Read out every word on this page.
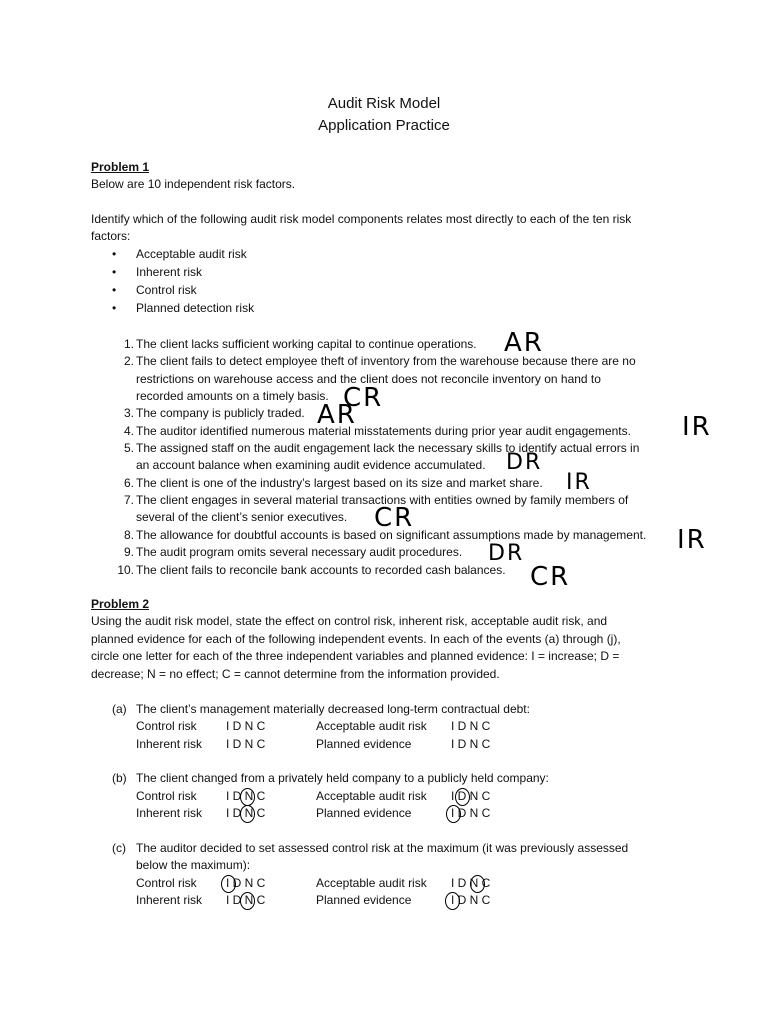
Audit Risk Model
Application Practice
Problem 1
Below are 10 independent risk factors.
Identify which of the following audit risk model components relates most directly to each of the ten risk
factors:
• Acceptable audit risk
• Inherent risk
• Control risk
• Planned detection risk
1. The client lacks sufficient working capital to continue operations.
2. The client fails to detect employee theft of inventory from the warehouse because there are no
restrictions on warehouse access and the client does not reconcile inventory on hand to
recorded amounts on a timely basis.
3. The company is publicly traded.
4. The auditor identified numerous material misstatements during prior year audit engagements.
5. The assigned staff on the audit engagement lack the necessary skills to identify actual errors in
an account balance when examining audit evidence accumulated.
6. The client is one of the industry’s largest based on its size and market share.
7. The client engages in several material transactions with entities owned by family members of
several of the client’s senior executives.
8. The allowance for doubtful accounts is based on significant assumptions made by management.
9. The audit program omits several necessary audit procedures.
10. The client fails to reconcile bank accounts to recorded cash balances.
AR
CR
AR	IR
DR
IR
CR
IR
DR
CR
Problem 2
Using the audit risk model, state the effect on control risk, inherent risk, acceptable audit risk, and
planned evidence for each of the following independent events. In each of the events (a) through (j),
circle one letter for each of the three independent variables and planned evidence: I = increase; D =
decrease; N = no effect; C = cannot determine from the information provided.
(a) The client’s management materially decreased long-term contractual debt:
Control risk I D N C	Acceptable audit risk I D N C
Inherent risk I D N C	Planned evidence	I D N C
(b) The client changed from a privately held company to a publicly held company:
Control risk I D N C	Acceptable audit risk I D N C
Inherent risk I D N C	Planned evidence	I D N C
(c) The auditor decided to set assessed control risk at the maximum (it was previously assessed
below the maximum):
Control risk I D N C	Acceptable audit risk I D N C
Inherent risk I D N C	Planned evidence	I D N C
